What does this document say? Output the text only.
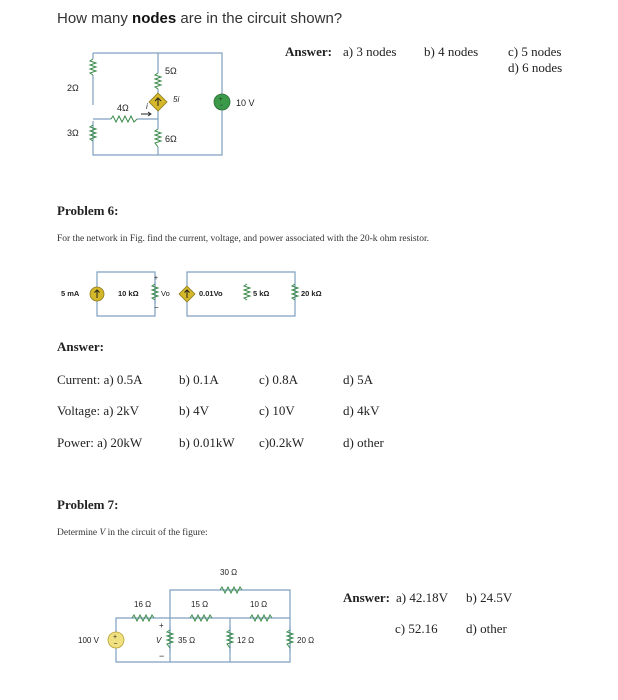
How many nodes are in the circuit shown?
Answer: a) 3 nodes b) 4 nodes c) 5 nodes
d) 6 nodes
+
−
2Ω
4Ω i
3Ω
5Ω
5i
6Ω
10 V
Problem 6:
For the network in Fig. find the current, voltage, and power associated with the 20-k ohm resistor.
5 mA	10 kΩ
+
Vo
−
0.01Vo	5 kΩ	20 kΩ
Answer:
Current: a) 0.5A	b) 0.1A	c) 0.8A	d) 5A
Voltage: a) 2kV	b) 4V	c) 10V	d) 4kV
Power: a) 20kW	b) 0.01kW c)0.2kW	d) other
Problem 7:
Determine V in the circuit of the figure:
+
−
30 Ω
16 Ω	15 Ω	10 Ω
100 V
+
V
−
35 Ω	12 Ω	20 Ω
Answer: a) 42.18V b) 24.5V
c) 52.16 d) other
